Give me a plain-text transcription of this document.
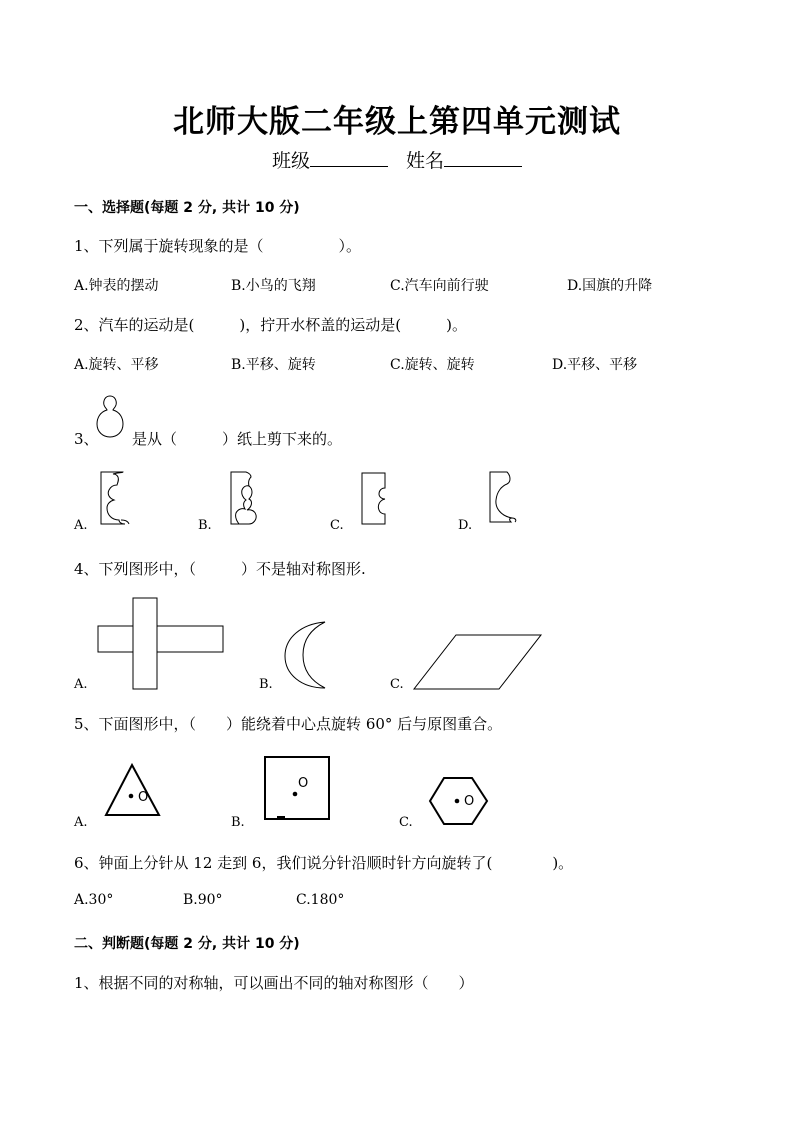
北师大版二年级上第四单元测试
班级	姓名
一、选择题(每题 2 分, 共计 10 分)
1、下列属于旋转现象的是（　　　　　）。
A.钟表的摆动	B.小鸟的飞翔	C.汽车向前行驶	D.国旗的升降
2、汽车的运动是(　　　)，拧开水杯盖的运动是(　　　)。
A.旋转、平移	B.平移、旋转	C.旋转、旋转	D.平移、平移
3、 是从（　　　）纸上剪下来的。
A.	B.	C.	D.
4、下列图形中，（　　　）不是轴对称图形.
A.	B.	C.
5、下面图形中，（　　）能绕着中心点旋转 60° 后与原图重合。
O
A.
O
B.
O
C.
6、钟面上分针从 12 走到 6，我们说分针沿顺时针方向旋转了(　　　　)。
A.30°	B.90°	C.180°
二、判断题(每题 2 分, 共计 10 分)
1、根据不同的对称轴，可以画出不同的轴对称图形（　　）
